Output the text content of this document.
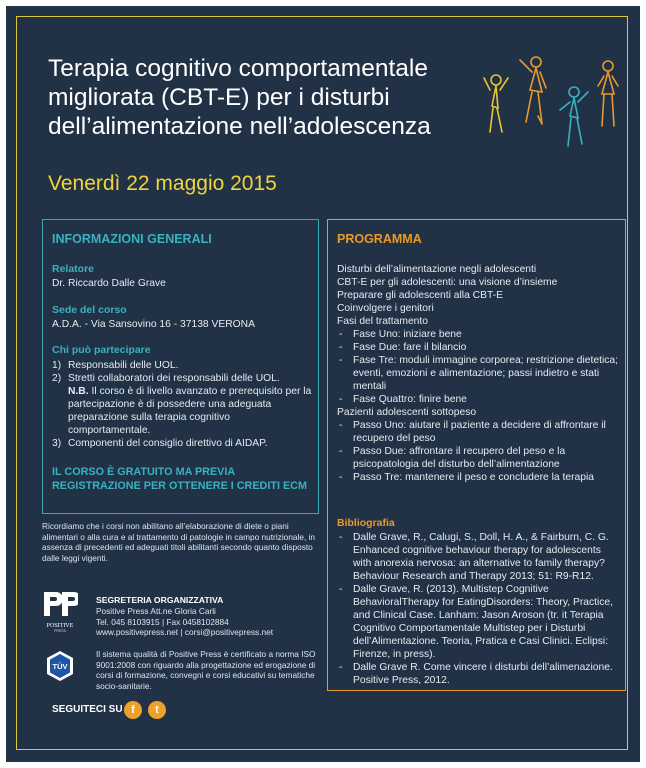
Terapia cognitivo comportamentale migliorata (CBT-E) per i disturbi dell’alimentazione nell’adolescenza
Venerdì 22 maggio 2015
INFORMAZIONI GENERALI
Relatore
Dr. Riccardo Dalle Grave
Sede del corso
A.D.A. - Via Sansovino 16 - 37138 VERONA
Chi può partecipare
1) Responsabili delle UOL.
2) Stretti collaboratori dei responsabili delle UOL.
N.B. Il corso è di livello avanzato e prerequisito per la partecipazione è di possedere una adeguata preparazione sulla terapia cognitivo comportamentale.
3) Componenti del consiglio direttivo di AIDAP.
IL CORSO È GRATUITO MA PREVIA
REGISTRAZIONE PER OTTENERE I CREDITI ECM
PROGRAMMA
Disturbi dell’alimentazione negli adolescenti
CBT-E per gli adolescenti: una visione d’insieme
Preparare gli adolescenti alla CBT-E
Coinvolgere i genitori
Fasi del trattamento
- Fase Uno: iniziare bene
- Fase Due: fare il bilancio
- Fase Tre: moduli immagine corporea; restrizione dietetica; eventi, emozioni e alimentazione; passi indietro e stati mentali
- Fase Quattro: finire bene
Pazienti adolescenti sottopeso
- Passo Uno: aiutare il paziente a decidere di affrontare il recupero del peso
- Passo Due: affrontare il recupero del peso e la psicopatologia del disturbo dell’alimentazione
- Passo Tre: mantenere il peso e concludere la terapia
Bibliografia
- Dalle Grave, R., Calugi, S., Doll, H. A., & Fairburn, C. G. Enhanced cognitive behaviour therapy for adolescents with anorexia nervosa: an alternative to family therapy? Behaviour Research and Therapy 2013; 51: R9-R12.
- Dalle Grave, R. (2013). Multistep Cognitive BehavioralTherapy for EatingDisorders: Theory, Practice, and Clinical Case. Lanham: Jason Aroson (tr. it Terapia Cognitivo Comportamentale Multistep per i Disturbi dell’Alimentazione. Teoria, Pratica e Casi Clinici. Eclipsi: Firenze, in press).
- Dalle Grave R. Come vincere i disturbi dell’alimenazione. Positive Press, 2012.
Ricordiamo che i corsi non abilitano all’elaborazione di diete o piani alimentari o alla cura e al trattamento di patologie in campo nutrizionale, in assenza di precedenti ed adeguati titoli abilitanti secondo quanto disposto dalle leggi vigenti.
POSITIVE
PRESS
SEGRETERIA ORGANIZZATIVA
Positive Press Att.ne Gloria Carli
Tel. 045 8103915 | Fax 0458102884
www.positivepress.net | corsi@positivepress.net
TÜV
Il sistema qualità di Positive Press è certificato a norma ISO 9001:2008 con riguardo alla progettazione ed erogazione di corsi di formazione, convegni e corsi educativi su tematiche socio-sanitarie.
SEGUITECI SU f	t
